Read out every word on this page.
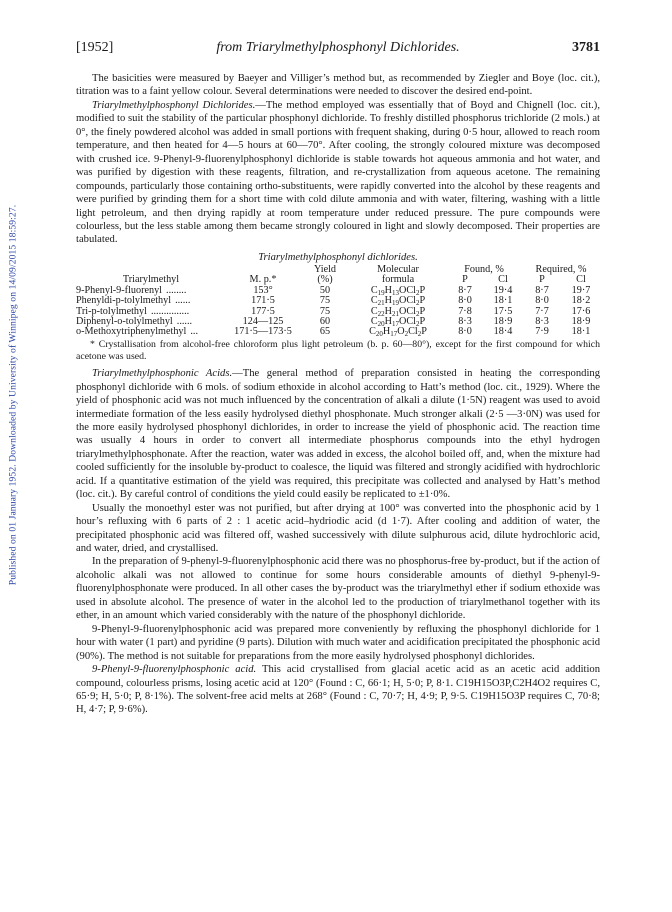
Published on 01 January 1952. Downloaded by University of Winnipeg on 14/09/2015 18:59:27.
[1952]	from Triarylmethylphosphonyl Dichlorides.	3781

The basicities were measured by Baeyer and Villiger’s method but, as recommended by Ziegler and Boye (loc. cit.), titration was to a faint yellow colour. Several determinations were needed to discover the desired end-point.

Triarylmethylphosphonyl Dichlorides.—The method employed was essentially that of Boyd and Chignell (loc. cit.), modified to suit the stability of the particular phosphonyl dichloride. To freshly distilled phosphorus trichloride (2 mols.) at 0°, the finely powdered alcohol was added in small portions with frequent shaking, during 0·5 hour, allowed to reach room temperature, and then heated for 4—5 hours at 60—70°. After cooling, the strongly coloured mixture was decomposed with crushed ice. 9-Phenyl-9-fluorenylphosphonyl dichloride is stable towards hot aqueous ammonia and hot water, and was purified by digestion with these reagents, filtration, and re-crystallization from aqueous acetone. The remaining compounds, particularly those containing ortho-substituents, were rapidly converted into the alcohol by these reagents and were purified by grinding them for a short time with cold dilute ammonia and with water, filtering, washing with a little light petroleum, and then drying rapidly at room temperature under reduced pressure. The pure compounds were colourless, but the less stable among them became strongly coloured in light and slowly decomposed. Their properties are tabulated.

Triarylmethylphosphonyl dichlorides.
		Yield	Molecular	Found, %		Required, %	
Triarylmethyl	M. p.*	(%)	formula	P	Cl	P	Cl
9-Phenyl-9-fluorenyl ........	153°	50	$C_{19}H_{13}OCl_2P$	8·7	19·4	8·7	19·7
Phenyldi-p-tolylmethyl ......	171·5	75	$C_{21}H_{19}OCl_2P$	8·0	18·1	8·0	18·2
Tri-p-tolylmethyl ...............	177·5	75	$C_{22}H_{21}OCl_2P$	7·8	17·5	7·7	17·6
Diphenyl-o-tolylmethyl ......	124—125	60	$C_{20}H_{17}OCl_2P$	8·3	18·9	8·3	18·9
o-Methoxytriphenylmethyl ...	171·5—173·5	65	$C_{20}H_{17}O_2Cl_2P$	8·0	18·4	7·9	18·1

* Crystallisation from alcohol-free chloroform plus light petroleum (b. p. 60—80°), except for the first compound for which acetone was used.

Triarylmethylphosphonic Acids.—The general method of preparation consisted in heating the corresponding phosphonyl dichloride with 6 mols. of sodium ethoxide in alcohol according to Hatt’s method (loc. cit., 1929). Where the yield of phosphonic acid was not much influenced by the concentration of alkali a dilute (1·5N) reagent was used to avoid intermediate formation of the less easily hydrolysed diethyl phosphonate. Much stronger alkali (2·5 —3·0N) was used for the more easily hydrolysed phosphonyl dichlorides, in order to increase the yield of phosphonic acid. The reaction time was usually 4 hours in order to convert all intermediate phosphorus compounds into the ethyl hydrogen triarylmethylphosphonate. After the reaction, water was added in excess, the alcohol boiled off, and, when the mixture had cooled sufficiently for the insoluble by-product to coalesce, the liquid was filtered and strongly acidified with hydrochloric acid. If a quantitative estimation of the yield was required, this precipitate was collected and analysed by Hatt’s method (loc. cit.). By careful control of conditions the yield could easily be replicated to ±1·0%.

Usually the monoethyl ester was not purified, but after drying at 100° was converted into the phosphonic acid by 1 hour’s refluxing with 6 parts of 2 : 1 acetic acid–hydriodic acid (d 1·7). After cooling and addition of water, the precipitated phosphonic acid was filtered off, washed successively with dilute sulphurous acid, dilute hydrochloric acid, and water, dried, and crystallised.

In the preparation of 9-phenyl-9-fluorenylphosphonic acid there was no phosphorus-free by-product, but if the action of alcoholic alkali was not allowed to continue for some hours considerable amounts of diethyl 9-phenyl-9-fluorenylphosphonate were produced. In all other cases the by-product was the triarylmethyl ether if sodium ethoxide was used in absolute alcohol. The presence of water in the alcohol led to the production of triarylmethanol together with its ether, in an amount which varied considerably with the nature of the phosphonyl dichloride.

9-Phenyl-9-fluorenylphosphonic acid was prepared more conveniently by refluxing the phosphonyl dichloride for 1 hour with water (1 part) and pyridine (9 parts). Dilution with much water and acidification precipitated the phosphonic acid (90%). The method is not suitable for preparations from the more easily hydrolysed phosphonyl dichlorides.

9-Phenyl-9-fluorenylphosphonic acid. This acid crystallised from glacial acetic acid as an acetic acid addition compound, colourless prisms, losing acetic acid at 120° (Found : C, 66·1; H, 5·0; P, 8·1. C19H15O3P,C2H4O2 requires C, 65·9; H, 5·0; P, 8·1%). The solvent-free acid melts at 268° (Found : C, 70·7; H, 4·9; P, 9·5. C19H15O3P requires C, 70·8; H, 4·7; P, 9·6%).
